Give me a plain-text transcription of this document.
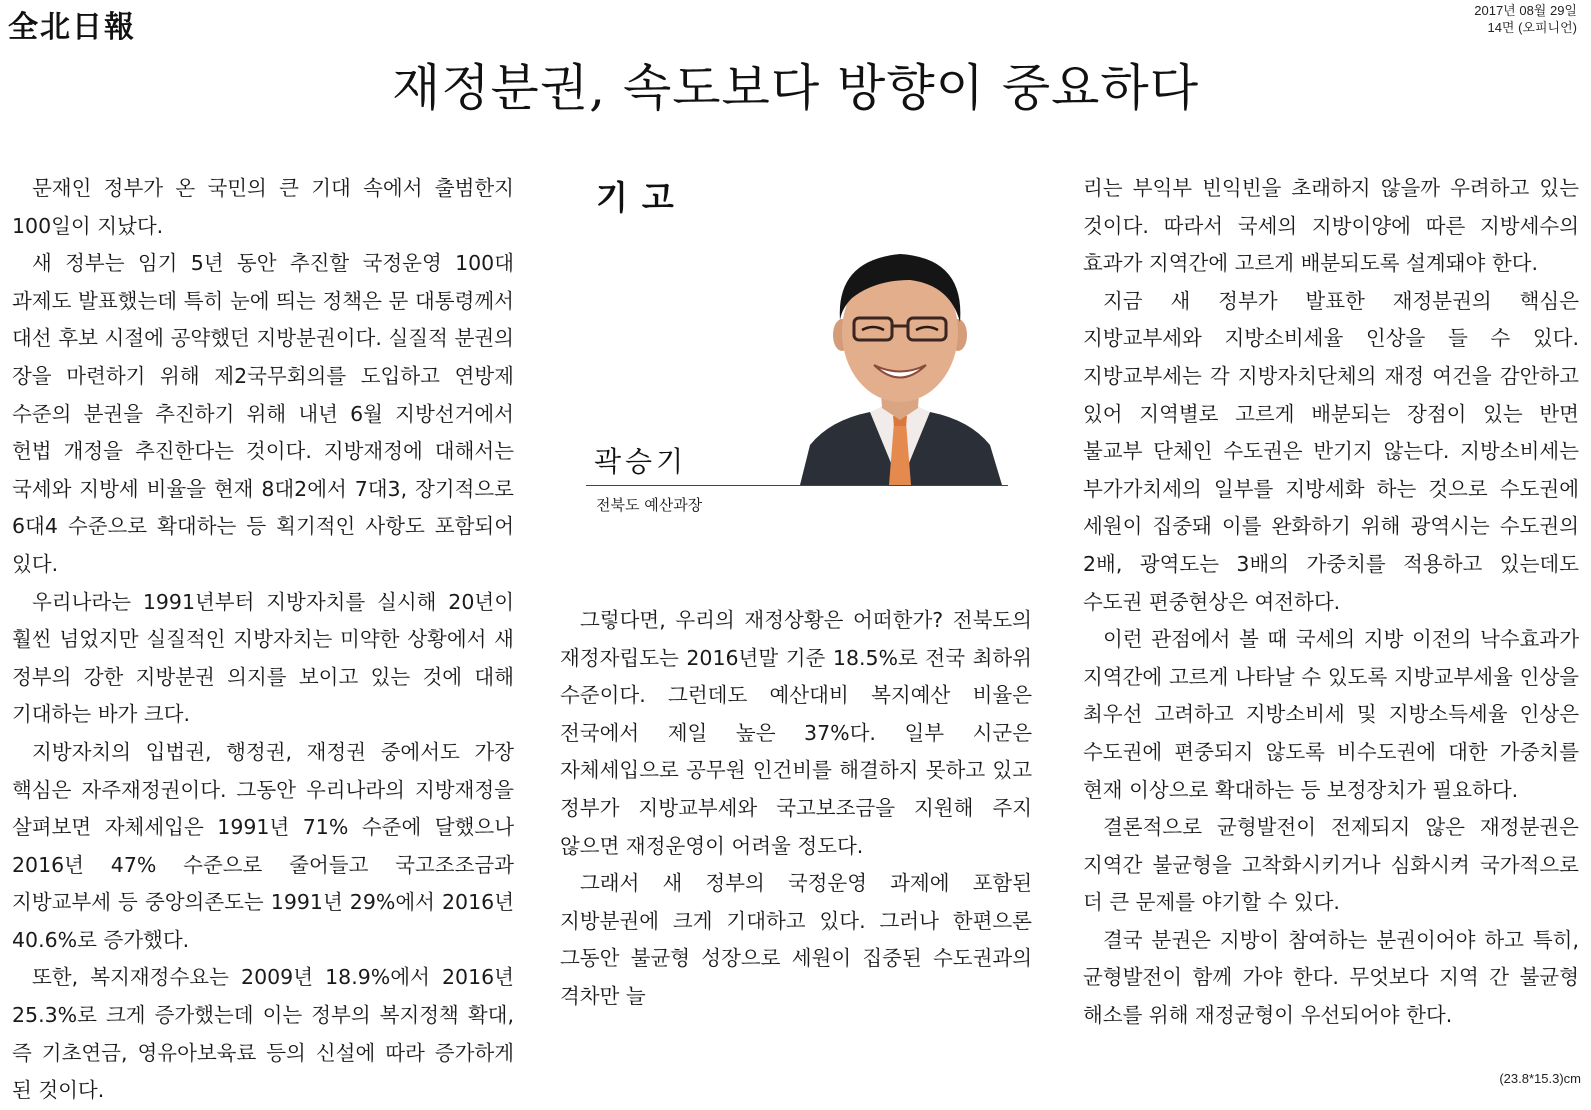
全北日報	2017년 08월 29일
14면 (오피니언)
재정분권, 속도보다 방향이 중요하다

문재인 정부가 온 국민의 큰 기대 속에서 출범한지 100일이 지났다.

새 정부는 임기 5년 동안 추진할 국정운영 100대 과제도 발표했는데 특히 눈에 띄는 정책은 문 대통령께서 대선 후보 시절에 공약했던 지방분권이다. 실질적 분권의 장을 마련하기 위해 제2국무회의를 도입하고 연방제 수준의 분권을 추진하기 위해 내년 6월 지방선거에서 헌법 개정을 추진한다는 것이다. 지방재정에 대해서는 국세와 지방세 비율을 현재 8대2에서 7대3, 장기적으로 6대4 수준으로 확대하는 등 획기적인 사항도 포함되어 있다.

우리나라는 1991년부터 지방자치를 실시해 20년이 훨씬 넘었지만 실질적인 지방자치는 미약한 상황에서 새 정부의 강한 지방분권 의지를 보이고 있는 것에 대해 기대하는 바가 크다.

지방자치의 입법권, 행정권, 재정권 중에서도 가장 핵심은 자주재정권이다. 그동안 우리나라의 지방재정을 살펴보면 자체세입은 1991년 71% 수준에 달했으나 2016년 47% 수준으로 줄어들고 국고조조금과 지방교부세 등 중앙의존도는 1991년 29%에서 2016년 40.6%로 증가했다.

또한, 복지재정수요는 2009년 18.9%에서 2016년 25.3%로 크게 증가했는데 이는 정부의 복지정책 확대, 즉 기초연금, 영유아보육료 등의 신설에 따라 증가하게 된 것이다.

기고
곽승기
전북도 예산과장

그렇다면, 우리의 재정상황은 어떠한가? 전북도의 재정자립도는 2016년말 기준 18.5%로 전국 최하위 수준이다. 그런데도 예산대비 복지예산 비율은 전국에서 제일 높은 37%다. 일부 시군은 자체세입으로 공무원 인건비를 해결하지 못하고 있고 정부가 지방교부세와 국고보조금을 지원해 주지 않으면 재정운영이 어려울 정도다.

그래서 새 정부의 국정운영 과제에 포함된 지방분권에 크게 기대하고 있다. 그러나 한편으론 그동안 불균형 성장으로 세원이 집중된 수도권과의 격차만 늘

리는 부익부 빈익빈을 초래하지 않을까 우려하고 있는 것이다. 따라서 국세의 지방이양에 따른 지방세수의 효과가 지역간에 고르게 배분되도록 설계돼야 한다.

지금 새 정부가 발표한 재정분권의 핵심은 지방교부세와 지방소비세율 인상을 들 수 있다. 지방교부세는 각 지방자치단체의 재정 여건을 감안하고 있어 지역별로 고르게 배분되는 장점이 있는 반면 불교부 단체인 수도권은 반기지 않는다. 지방소비세는 부가가치세의 일부를 지방세화 하는 것으로 수도권에 세원이 집중돼 이를 완화하기 위해 광역시는 수도권의 2배, 광역도는 3배의 가중치를 적용하고 있는데도 수도권 편중현상은 여전하다.

이런 관점에서 볼 때 국세의 지방 이전의 낙수효과가 지역간에 고르게 나타날 수 있도록 지방교부세율 인상을 최우선 고려하고 지방소비세 및 지방소득세율 인상은 수도권에 편중되지 않도록 비수도권에 대한 가중치를 현재 이상으로 확대하는 등 보정장치가 필요하다.

결론적으로 균형발전이 전제되지 않은 재정분권은 지역간 불균형을 고착화시키거나 심화시켜 국가적으로 더 큰 문제를 야기할 수 있다.

결국 분권은 지방이 참여하는 분권이어야 하고 특히, 균형발전이 함께 가야 한다. 무엇보다 지역 간 불균형 해소를 위해 재정균형이 우선되어야 한다.

(23.8*15.3)cm
